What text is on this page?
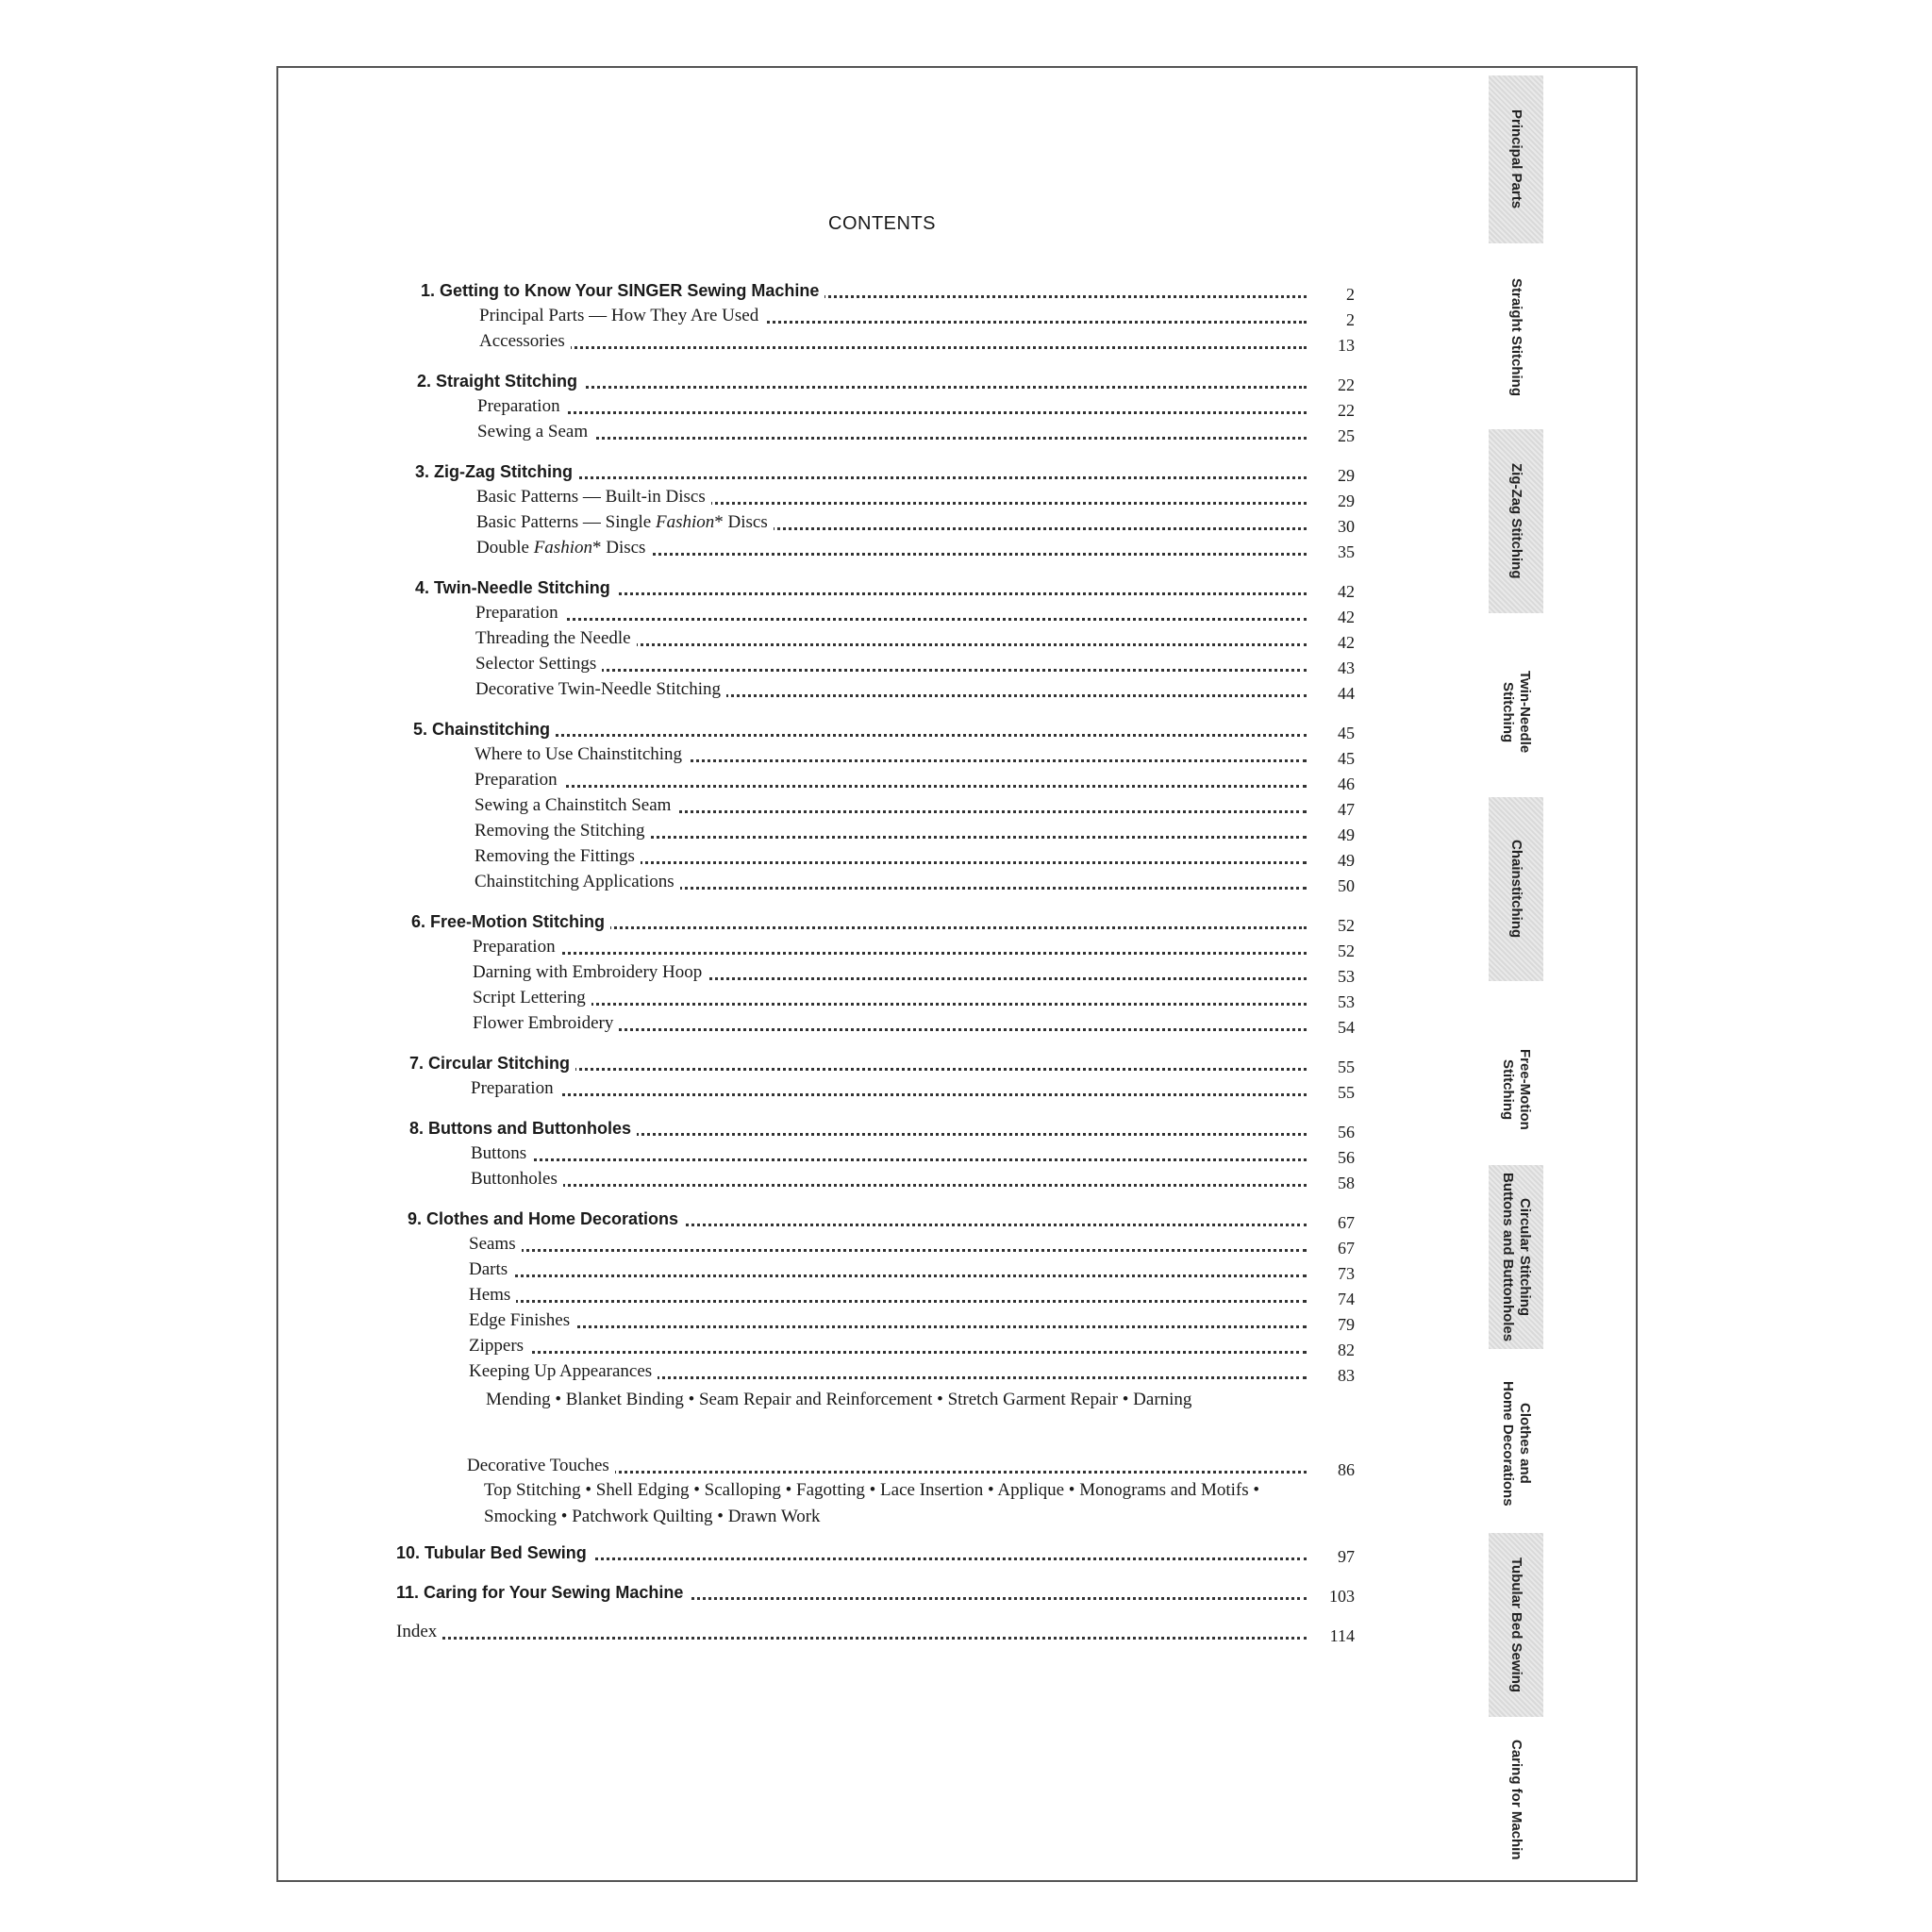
CONTENTS
1. Getting to Know Your SINGER Sewing Machine	2
Principal Parts — How They Are Used	2
Accessories	13
2. Straight Stitching	22
Preparation	22
Sewing a Seam	25
3. Zig-Zag Stitching	29
Basic Patterns — Built-in Discs	29
Basic Patterns — Single Fashion* Discs	30
Double Fashion* Discs	35
4. Twin-Needle Stitching	42
Preparation	42
Threading the Needle	42
Selector Settings	43
Decorative Twin-Needle Stitching	44
5. Chainstitching	45
Where to Use Chainstitching	45
Preparation	46
Sewing a Chainstitch Seam	47
Removing the Stitching	49
Removing the Fittings	49
Chainstitching Applications	50
6. Free-Motion Stitching	52
Preparation	52
Darning with Embroidery Hoop	53
Script Lettering	53
Flower Embroidery	54
7. Circular Stitching	55
Preparation	55
8. Buttons and Buttonholes	56
Buttons	56
Buttonholes	58
9. Clothes and Home Decorations	67
Seams	67
Darts	73
Hems	74
Edge Finishes	79
Zippers	82
Keeping Up Appearances	83
Decorative Touches	86
10. Tubular Bed Sewing	97
11. Caring for Your Sewing Machine	103
Index	114
Mending • Blanket Binding • Seam Repair and Reinforcement • Stretch Garment Repair • Darning
Top Stitching • Shell Edging • Scalloping • Fagotting • Lace Insertion • Applique • Monograms and Motifs • Smocking • Patchwork Quilting • Drawn Work
Principal Parts
Straight Stitching
Zig-Zag Stitching
Twin-Needle
Stitching
Chainstitching
Free-Motion
Stitching
Circular Stitching
Buttons and Buttonholes
Clothes and
Home Decorations
Tubular Bed Sewing
Caring for Machin
